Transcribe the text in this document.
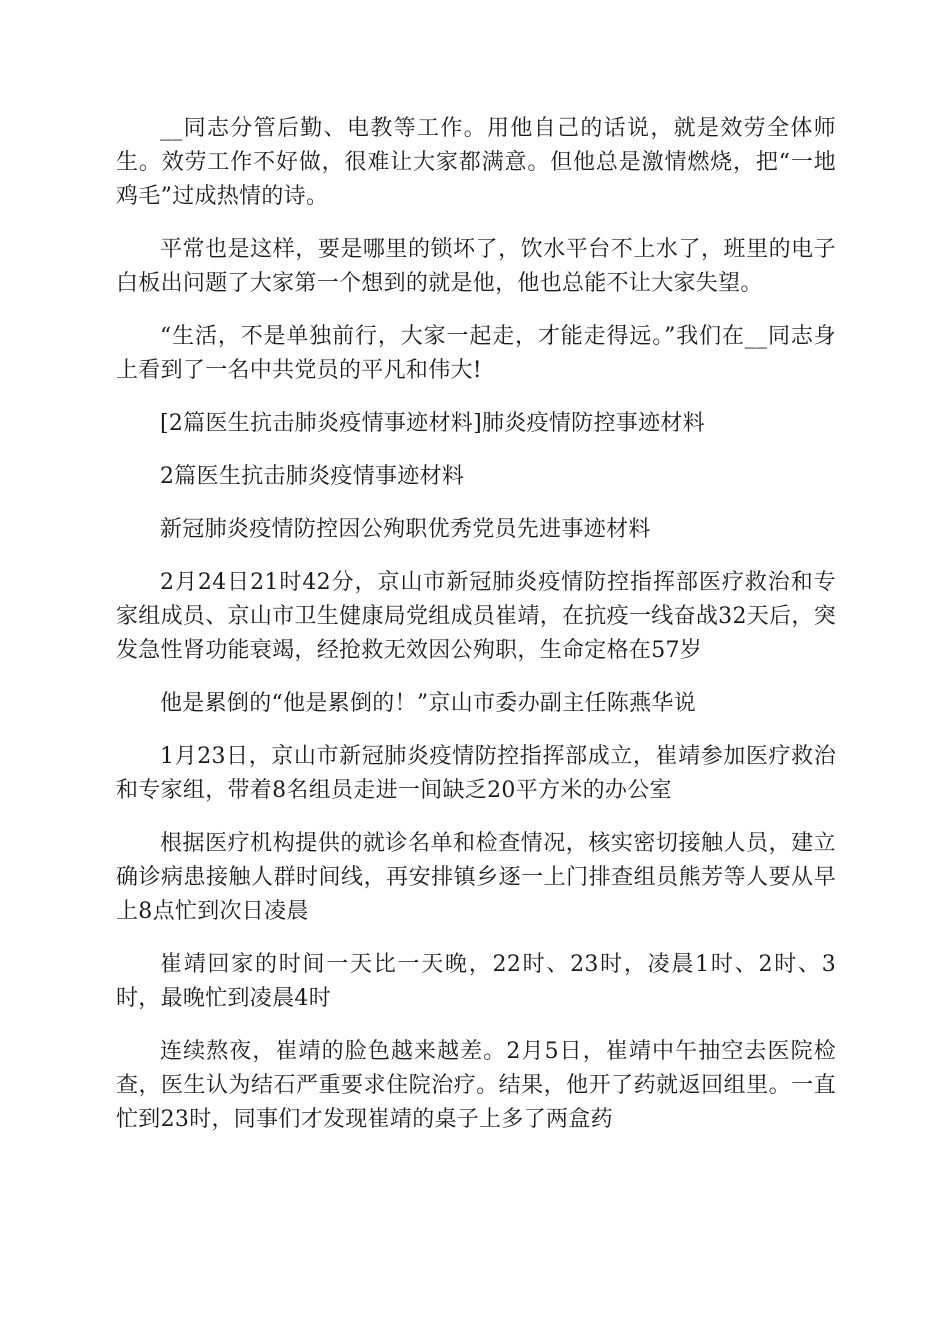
__同志分管后勤、电教等工作。用他自己的话说，就是效劳全体师生。效劳工作不好做，很难让大家都满意。但他总是激情燃烧，把“一地鸡毛”过成热情的诗。

平常也是这样，要是哪里的锁坏了，饮水平台不上水了，班里的电子白板出问题了大家第一个想到的就是他，他也总能不让大家失望。

“生活，不是单独前行，大家一起走，才能走得远。”我们在__同志身上看到了一名中共党员的平凡和伟大!

[2篇医生抗击肺炎疫情事迹材料]肺炎疫情防控事迹材料

2篇医生抗击肺炎疫情事迹材料

新冠肺炎疫情防控因公殉职优秀党员先进事迹材料

2月24日21时42分，京山市新冠肺炎疫情防控指挥部医疗救治和专家组成员、京山市卫生健康局党组成员崔靖，在抗疫一线奋战32天后，突发急性肾功能衰竭，经抢救无效因公殉职，生命定格在57岁

他是累倒的“他是累倒的！”京山市委办副主任陈燕华说

1月23日，京山市新冠肺炎疫情防控指挥部成立，崔靖参加医疗救治和专家组，带着8名组员走进一间缺乏20平方米的办公室

根据医疗机构提供的就诊名单和检查情况，核实密切接触人员，建立确诊病患接触人群时间线，再安排镇乡逐一上门排查组员熊芳等人要从早上8点忙到次日凌晨

崔靖回家的时间一天比一天晚，22时、23时，凌晨1时、2时、3时，最晚忙到凌晨4时

连续熬夜，崔靖的脸色越来越差。2月5日，崔靖中午抽空去医院检查，医生认为结石严重要求住院治疗。结果，他开了药就返回组里。一直忙到23时，同事们才发现崔靖的桌子上多了两盒药
